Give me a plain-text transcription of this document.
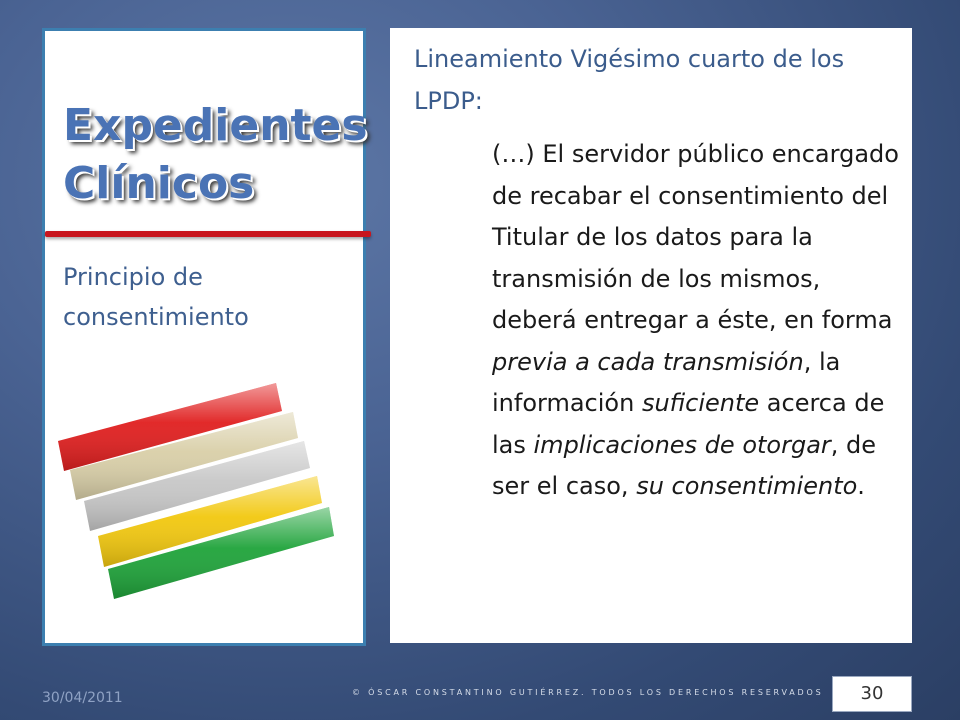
Expedientes
Clínicos
Principio de consentimiento
Lineamiento Vigésimo cuarto de los LPDP:
(…) El servidor público encargado de recabar el consentimiento del Titular de los datos para la transmisión de los mismos, deberá entregar a éste, en forma previa a cada transmisión, la información suficiente acerca de las implicaciones de otorgar, de ser el caso, su consentimiento.
30/04/2011	© ÓSCAR CONSTANTINO GUTIÉRREZ. TODOS LOS DERECHOS RESERVADOS	30
